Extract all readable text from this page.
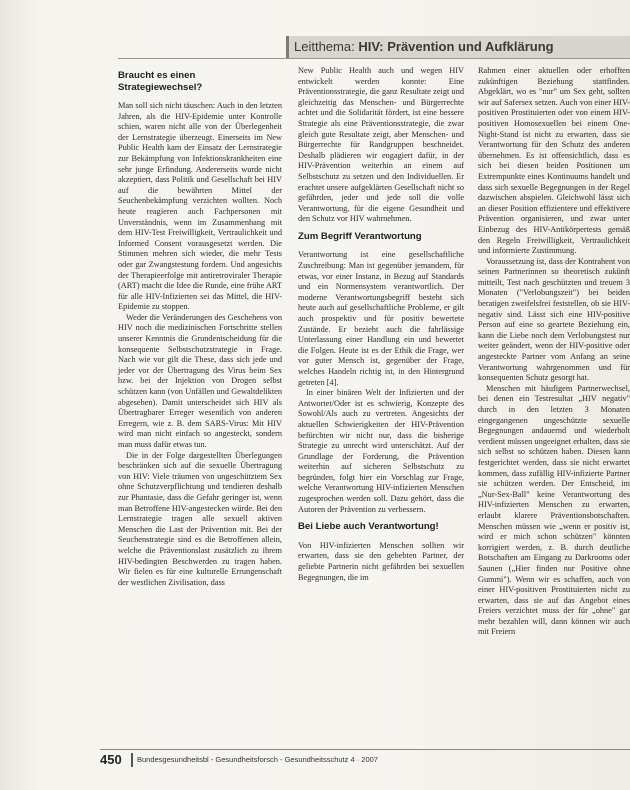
Leitthema: HIV: Prävention und Aufklärung
Braucht es einen Strategiewechsel?

Man soll sich nicht täuschen: Auch in den letzten Jahren, als die HIV-Epidemie unter Kontrolle schien, waren nicht alle von der Überlegenheit der Lernstrategie überzeugt. Einerseits im New Public Health kam der Einsatz der Lernstrategie zur Bekämpfung von Infektionskrankheiten eine sehr junge Erfindung. Andererseits wurde nicht akzeptiert, dass Politik und Gesellschaft bei HIV auf die bewährten Mittel der Seuchenbekämpfung verzichten wollten. Noch heute reagieren auch Fachpersonen mit Unverständnis, wenn im Zusammenhang mit dem HIV-Test Freiwilligkeit, Vertraulichkeit und Informed Consent vorausgesetzt werden. Die Stimmen mehren sich wieder, die mehr Tests oder gar Zwangstestung fordern. Und angesichts der Therapieerfolge mit antiretroviraler Therapie (ART) macht die Idee die Runde, eine frühe ART für alle HIV-Infizierten sei das Mittel, die HIV-Epidemie zu stoppen.

Weder die Veränderungen des Geschehens von HIV noch die medizinischen Fortschritte stellen unserer Kenntnis die Grundentscheidung für die konsequente Selbstschutzstrategie in Frage. Nach wie vor gilt die These, dass sich jede und jeder vor der Übertragung des Virus beim Sex bzw. bei der Injektion von Drogen selbst schützen kann (von Unfällen und Gewaltdelikten abgesehen). Damit unterscheidet sich HIV als Übertragbarer Erreger wesentlich von anderen Erregern, wie z. B. dem SARS-Virus: Mit HIV wird man nicht einfach so angesteckt, sondern man muss dafür etwas tun.

Die in der Folge dargestellten Überlegungen beschränken sich auf die sexuelle Übertragung von HIV: Viele träumen von ungeschütztem Sex ohne Schutzverpflichtung und tendieren deshalb zur Phantasie, dass die Gefahr geringer ist, wenn man Betroffene HIV-angestecken würde. Bei den Lernstrategie tragen alle sexuell aktiven Menschen die Last der Prävention mit. Bei der Seuchenstrategie sind es die Betroffenen allein, welche die Präventionslast zusätzlich zu ihrem HIV-bedingten Beschwerden zu tragen haben. Wir fielen es für eine kulturelle Errungenschaft der westlichen Zivilisation, dass

New Public Health auch und wegen HIV entwickelt werden konnte: Eine Präventionsstrategie, die ganz Resultate zeigt und gleichzeitig das Menschen- und Bürgerrechte achtet und die Solidarität fördert, ist eine bessere Strategie als eine Präventionsstrategie, die zwar gleich gute Resultate zeigt, aber Menschen- und Bürgerrechte für Randgruppen beschneidet. Deshalb plädieren wir engagiert dafür, in der HIV-Prävention weiterhin an einem auf Selbstschutz zu setzen und den Individuellen. Er erachtet unsere aufgeklärten Gesellschaft nicht so gefährden, jeder und jede soll die volle Verantwortung, für die eigene Gesundheit und den Schutz vor HIV wahrnehmen.

Zum Begriff Verantwortung

Verantwortung ist eine gesellschaftliche Zuschreibung: Man ist gegenüber jemandem, für etwas, vor einer Instanz, in Bezug auf Standards und ein Normensystem verantwortlich. Der moderne Verantwortungsbegriff besteht sich heute auch auf gesellschaftliche Probleme, er gilt auch prospektiv und für positiv bewertete Zustände. Er bezieht auch die fahrlässige Unterlassung einer Handlung ein und bewertet die Folgen. Heute ist es der Ethik die Frage, wer vor guter Mensch ist, gegenüber der Frage, welches Handeln richtig ist, in den Hintergrund getreten [4].

In einer binären Welt der Infizierten und der Antwortet/Oder ist es schwierig, Konzepte des Sowohl/Als auch zu vertreten. Angesichts der aktuellen Schwierigkeiten der HIV-Prävention befürchten wir nicht nur, dass die bisherige Strategie zu unrecht wird unterschätzt. Auf der Grundlage der Forderung, die Prävention weiterhin auf sicheren Selbstschutz zu begründen, folgt hier ein Vorschlag zur Frage, welche Verantwortung HIV-infizierten Menschen zugesprochen werden soll. Dazu gehört, dass die Autoren der Prävention zu verbessern.

Bei Liebe auch Verantwortung!

Von HIV-infizierten Menschen sollten wir erwarten, dass sie den gebebten Partner, der geliebte Partnerin nicht gefährden bei sexuellen Begegnungen, die im

Rahmen einer aktuellen oder erhofften zukünftigen Beziehung stattfinden. Abgeklärt, wo es "nur" um Sex geht, sollten wir auf Safersex setzen. Auch von einer HIV-positiven Prostituierten oder von einem HIV-positiven Homosexuellen bei einem One-Night-Stand ist nicht zu erwarten, dass sie Verantwortung für den Schutz des anderen übernehmen. Es ist offensichtlich, dass es sich bei diesen beiden Positionen um Extrempunkte eines Kontinuums handelt und dass sich sexuelle Begegnungen in der Regel dazwischen abspielen. Gleichwohl lässt sich an dieser Position effizientere und effektivere Prävention organisieren, und zwar unter Einbezug des HIV-Antikörpertests gemäß den Regeln Freiwilligkeit, Vertraulichkeit und informierte Zustimmung.

Voraussetzung ist, dass der Kontrahent von seinen Partnerinnen so theoretisch zukünft mitteilt, Test nach geschützten und treuem 3 Monaten ("Verlobungszeit") bei beiden beratigen zweifelsfrei feststellen, ob sie HIV-negativ sind. Lässt sich eine HIV-positive Person auf eine so geartete Beziehung ein, kann die Liebe noch dem Verlobungstest nur weiter geändert, wenn der HIV-positive oder angesteckte Partner vom Anfang an seine Verantwortung wahrgenommen und für konsequenten Schutz gesorgt hat.

Menschen mit häufigem Partnerwechsel, bei denen ein Testresultat „HIV negativ" durch in den letzten 3 Monaten eingegangenen ungeschützte sexuelle Begegnungen andauernd und wiederholt verdient müssen ungeeignet erhalten, dass sie sich selbst so schützen haben. Diesen kann festgerichtet werden, dass sie nicht erwartet kommen, dass zufällig HIV-infizierte Partner sie schützen werden. Der Entscheid, im „Nur-Sex-Ball" keine Verantwortung des HIV-infizierten Menschen zu erwarten, erlaubt klarere Präventionsbotschaften. Menschen müssen wie „wenn er positiv ist, wird er mich schon schützen" könnten korrigiert werden, z. B. durch deutliche Botschaften am Eingang zu Darkrooms oder Saunen („Hier finden nur Positive ohne Gummi"). Wenn wir es schaffen, auch von einer HIV-positiven Prostituierten nicht zu erwarten, dass sie auf das Angebot eines Freiers verzichtet muss der für „ohne" gar mehr bezahlen will, dann können wir auch mit Freiern

450 Bundesgesundheitsbl - Gesundheitsforsch - Gesundheitsschutz 4 · 2007
